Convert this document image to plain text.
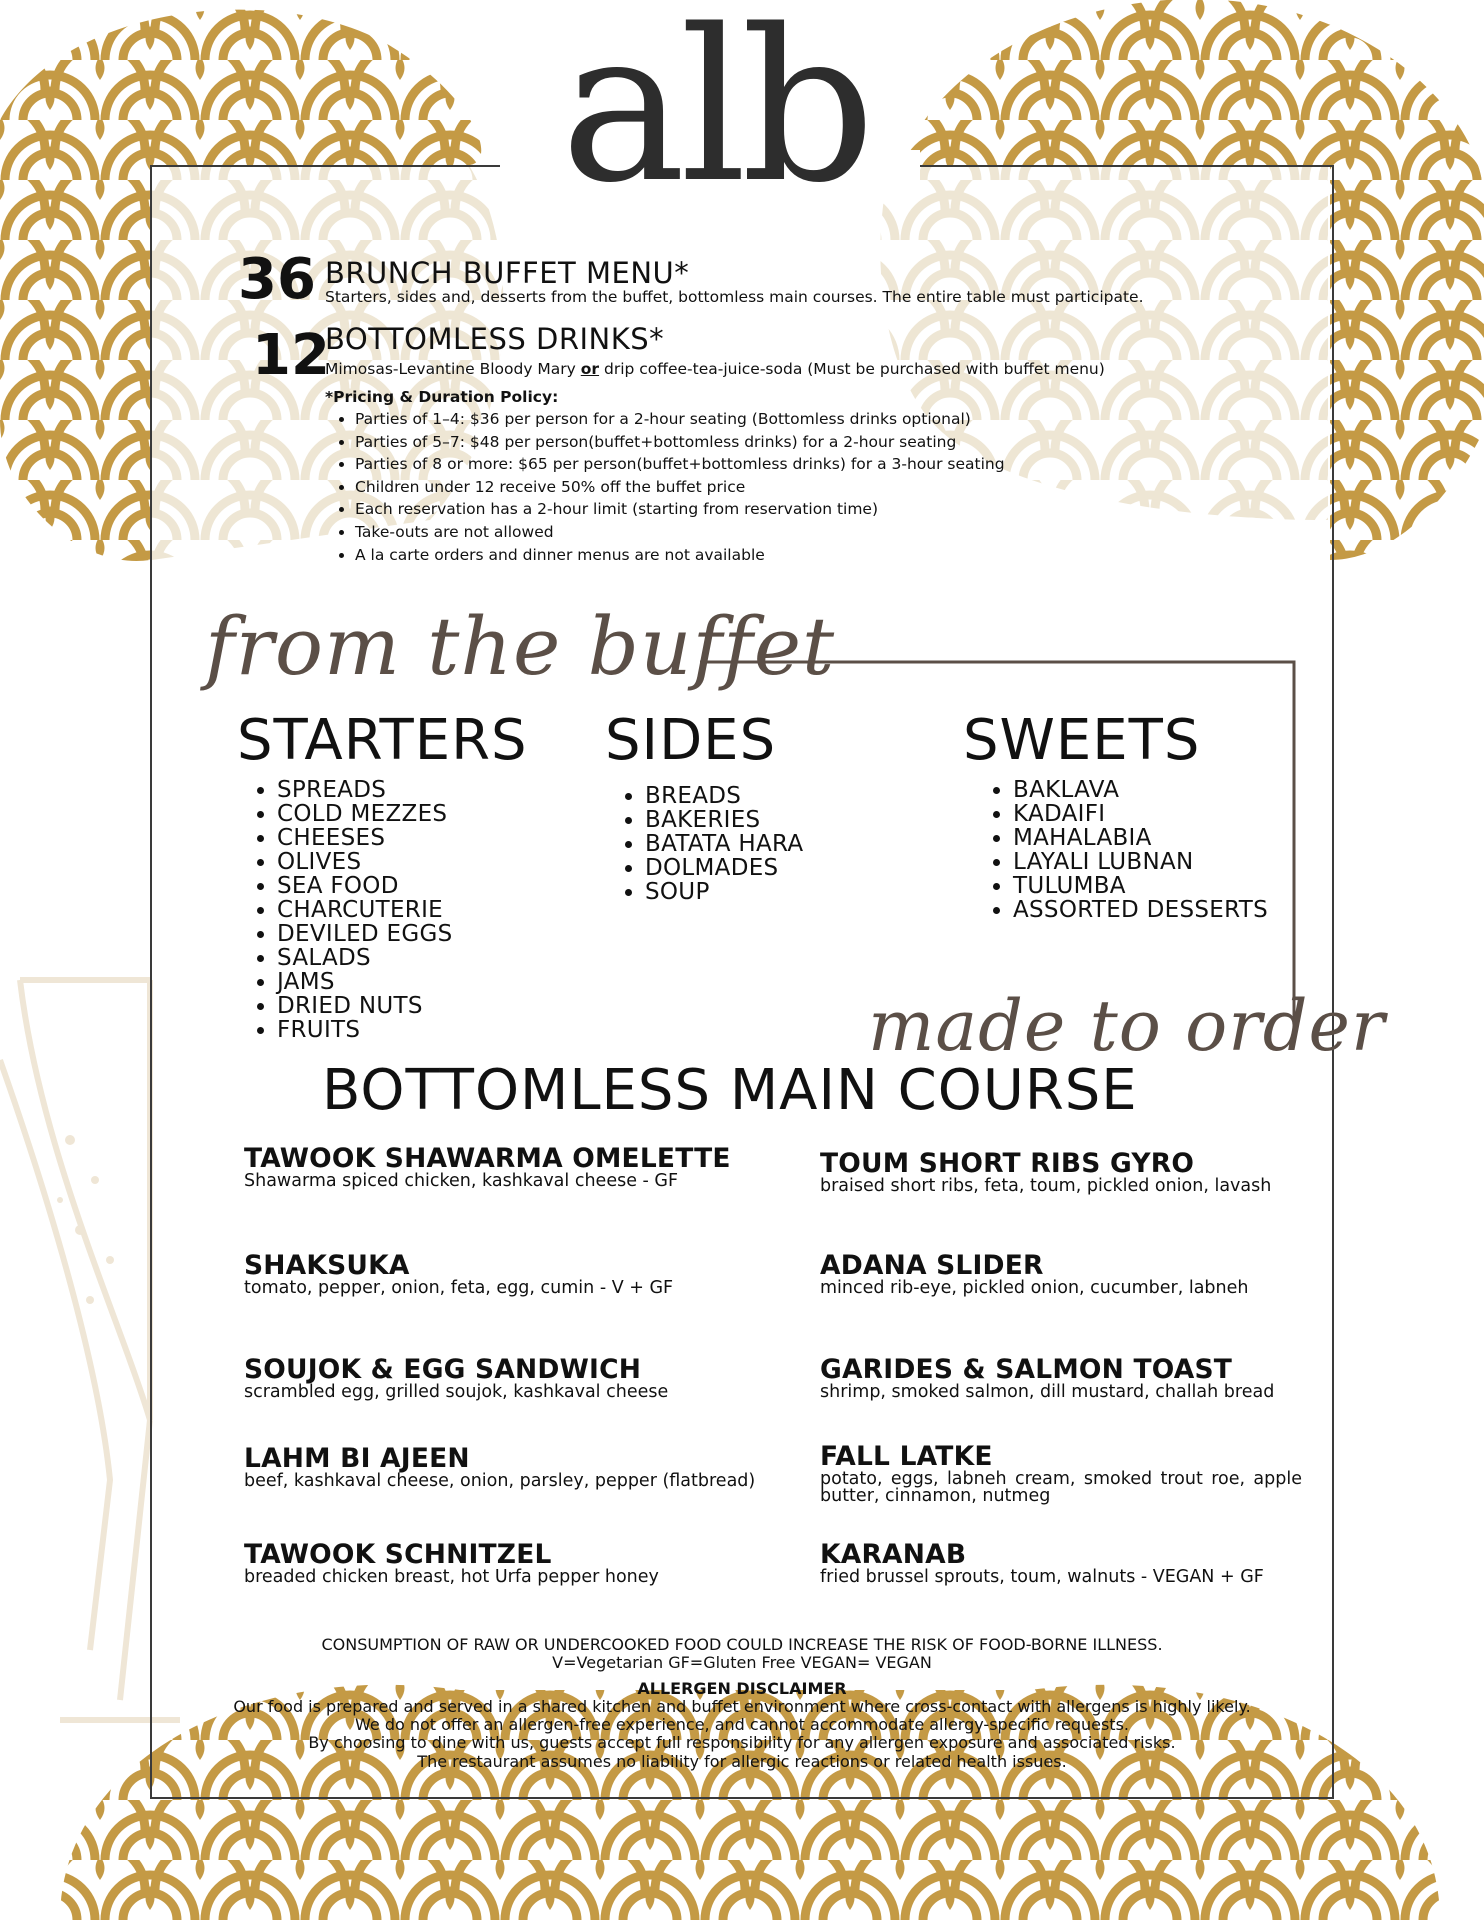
alb
36 BRUNCH BUFFET MENU*
Starters, sides and, desserts from the buffet, bottomless main courses. The entire table must participate.
12
BOTTOMLESS DRINKS*
Mimosas-Levantine Bloody Mary or drip coffee-tea-juice-soda (Must be purchased with buffet menu)
*Pricing & Duration Policy:
• Parties of 1–4: $36 per person for a 2-hour seating (Bottomless drinks optional)
• Parties of 5–7: $48 per person(buffet+bottomless drinks) for a 2-hour seating
• Parties of 8 or more: $65 per person(buffet+bottomless drinks) for a 3-hour seating
• Children under 12 receive 50% off the buffet price
• Each reservation has a 2-hour limit (starting from reservation time)
• Take-outs are not allowed
• A la carte orders and dinner menus are not available
from the buffet
STARTERS
• SPREADS
• COLD MEZZES
• CHEESES
• OLIVES
• SEA FOOD
• CHARCUTERIE
• DEVILED EGGS
• SALADS
• JAMS
• DRIED NUTS
• FRUITS
SIDES
• BREADS
• BAKERIES
• BATATA HARA
• DOLMADES
• SOUP
SWEETS
• BAKLAVA
• KADAIFI
• MAHALABIA
• LAYALI LUBNAN
• TULUMBA
• ASSORTED DESSERTS
made to order
BOTTOMLESS MAIN COURSE
TAWOOK SHAWARMA OMELETTE
Shawarma spiced chicken, kashkaval cheese - GF
SHAKSUKA
tomato, pepper, onion, feta, egg, cumin - V + GF
SOUJOK & EGG SANDWICH
scrambled egg, grilled soujok, kashkaval cheese
LAHM BI AJEEN
beef, kashkaval cheese, onion, parsley, pepper (flatbread)
TAWOOK SCHNITZEL
breaded chicken breast, hot Urfa pepper honey
TOUM SHORT RIBS GYRO
braised short ribs, feta, toum, pickled onion, lavash
ADANA SLIDER
minced rib-eye, pickled onion, cucumber, labneh
GARIDES & SALMON TOAST
shrimp, smoked salmon, dill mustard, challah bread
FALL LATKE
potato, eggs, labneh cream, smoked trout roe, apple butter, cinnamon, nutmeg
KARANAB
fried brussel sprouts, toum, walnuts - VEGAN + GF
CONSUMPTION OF RAW OR UNDERCOOKED FOOD COULD INCREASE THE RISK OF FOOD-BORNE ILLNESS.
V=Vegetarian GF=Gluten Free VEGAN= VEGAN
ALLERGEN DISCLAIMER
Our food is prepared and served in a shared kitchen and buffet environment where cross-contact with allergens is highly likely.
We do not offer an allergen-free experience, and cannot accommodate allergy-specific requests.
By choosing to dine with us, guests accept full responsibility for any allergen exposure and associated risks.
The restaurant assumes no liability for allergic reactions or related health issues.
